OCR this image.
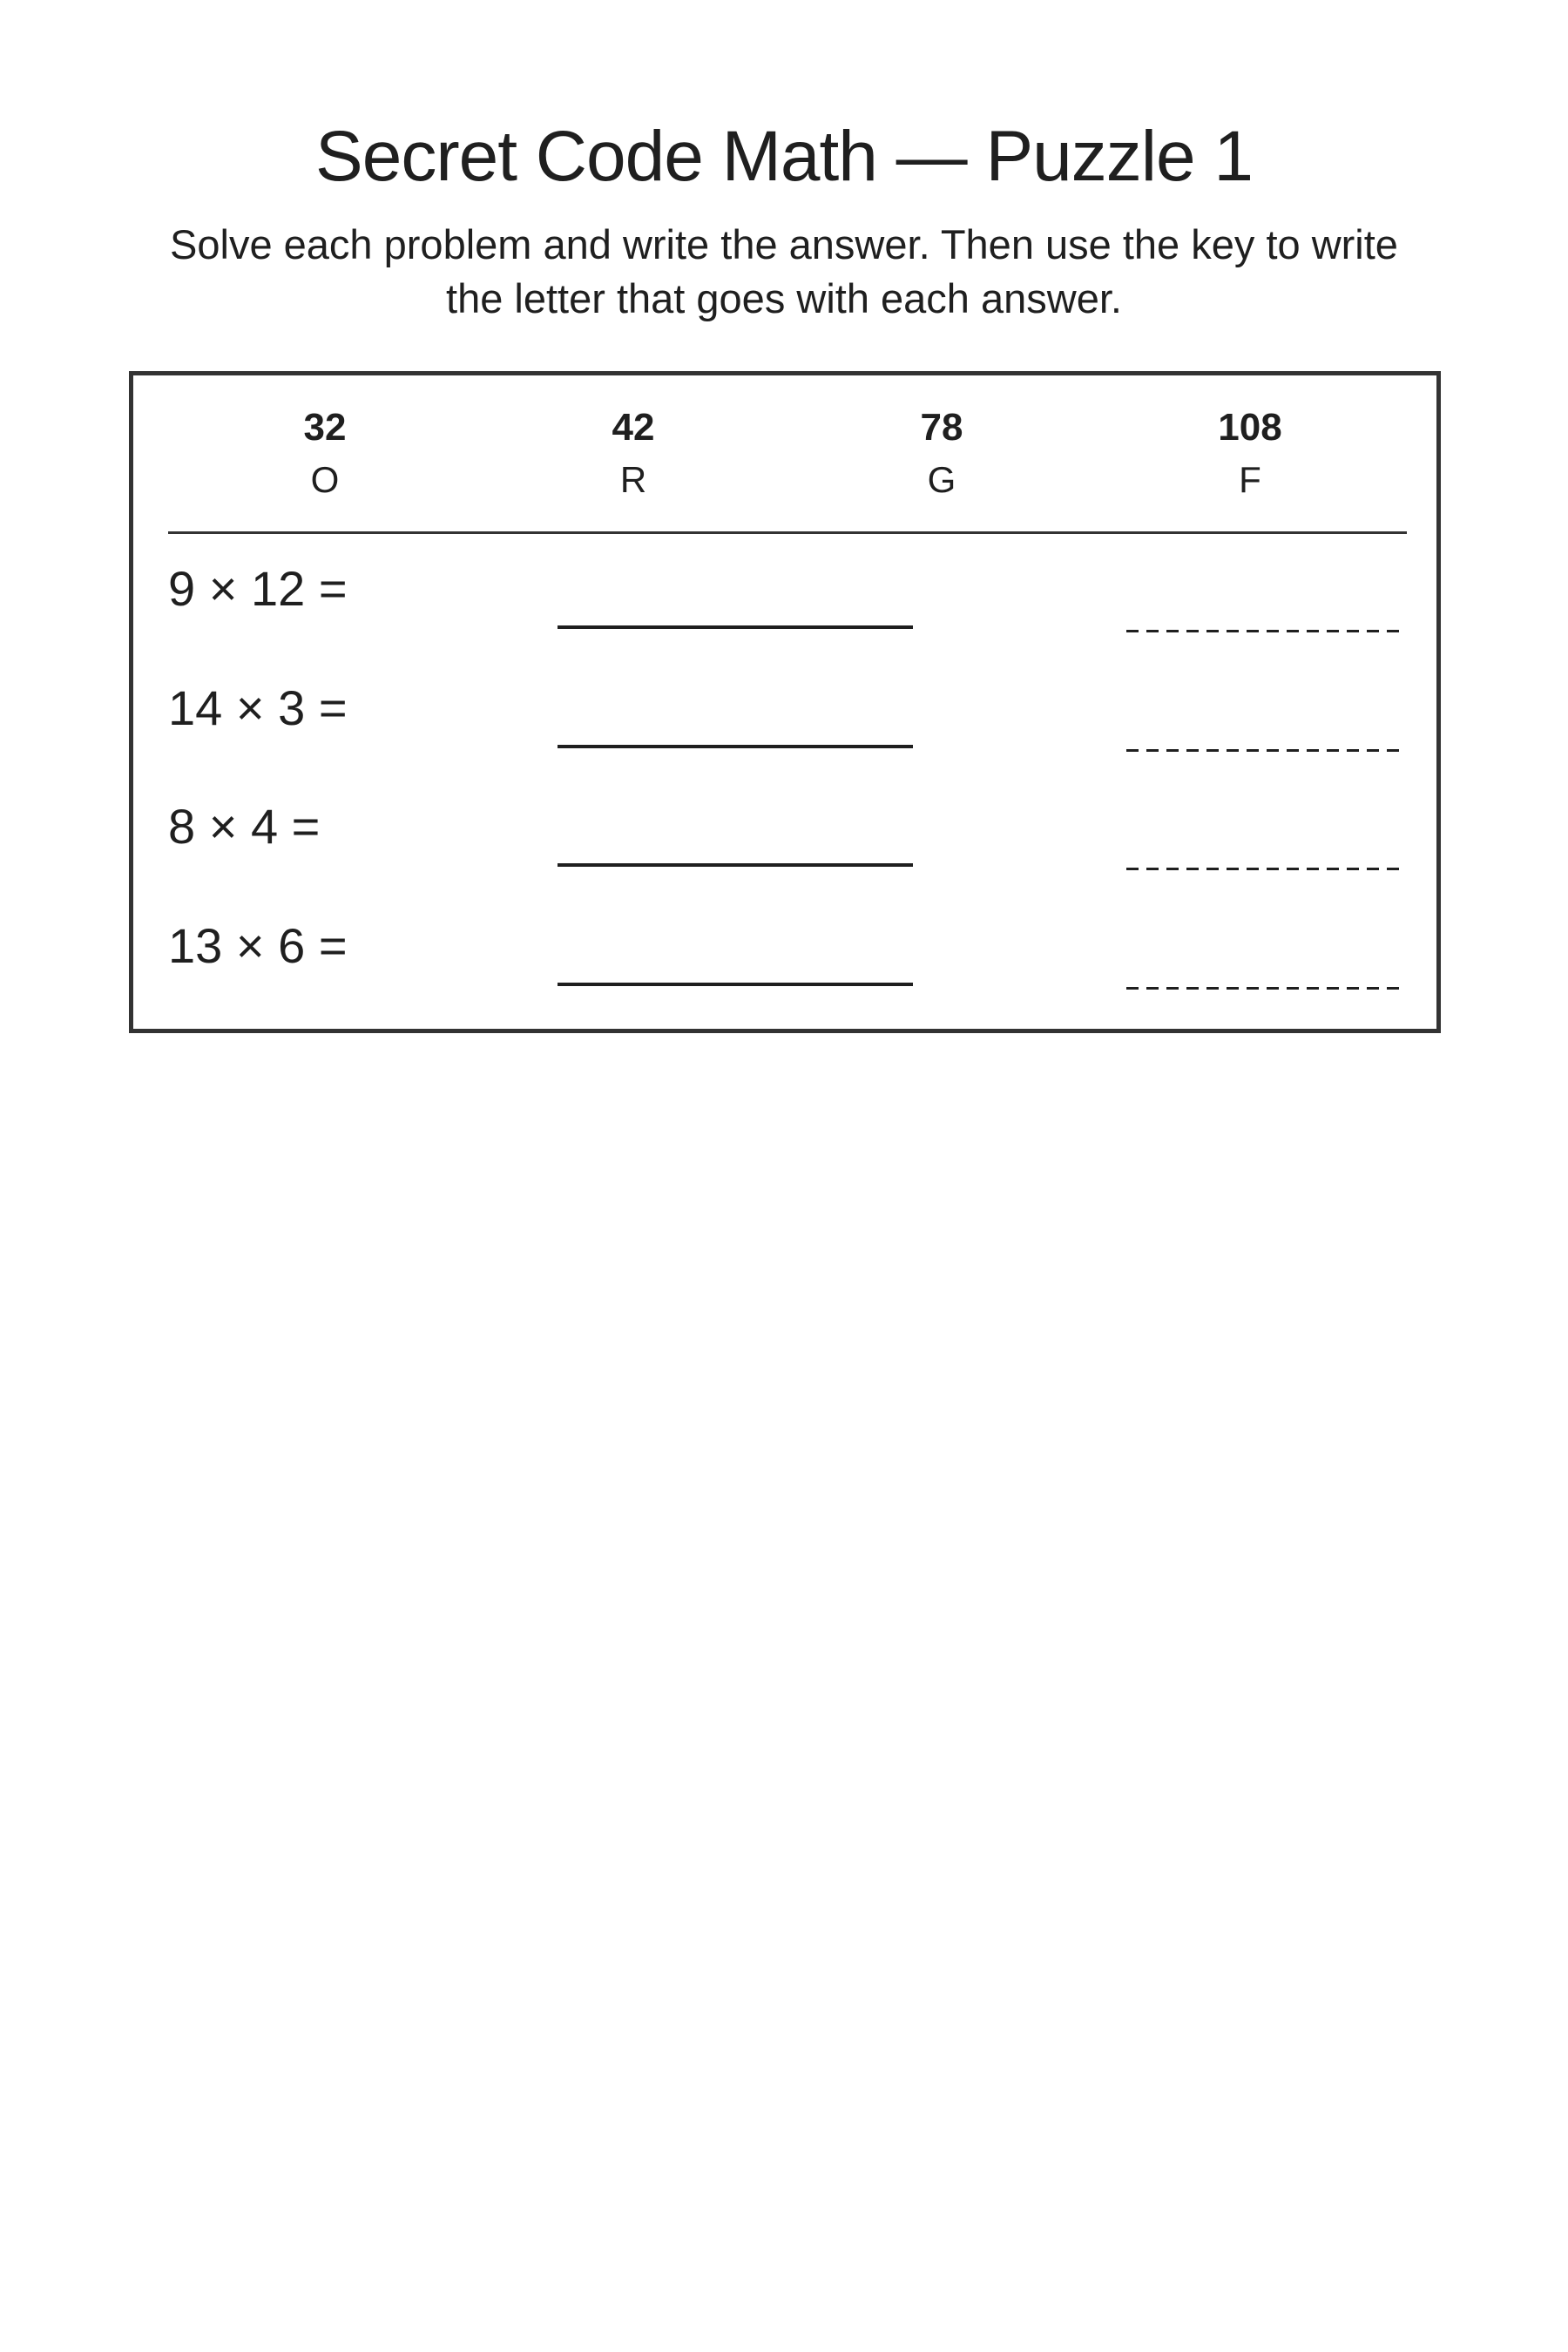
Secret Code Math — Puzzle 1

Solve each problem and write the answer. Then use the key to write the letter that goes with each answer.

32
O
42
R
78
G
108
F
9 × 12 =
14 × 3 =
8 × 4 =
13 × 6 =
